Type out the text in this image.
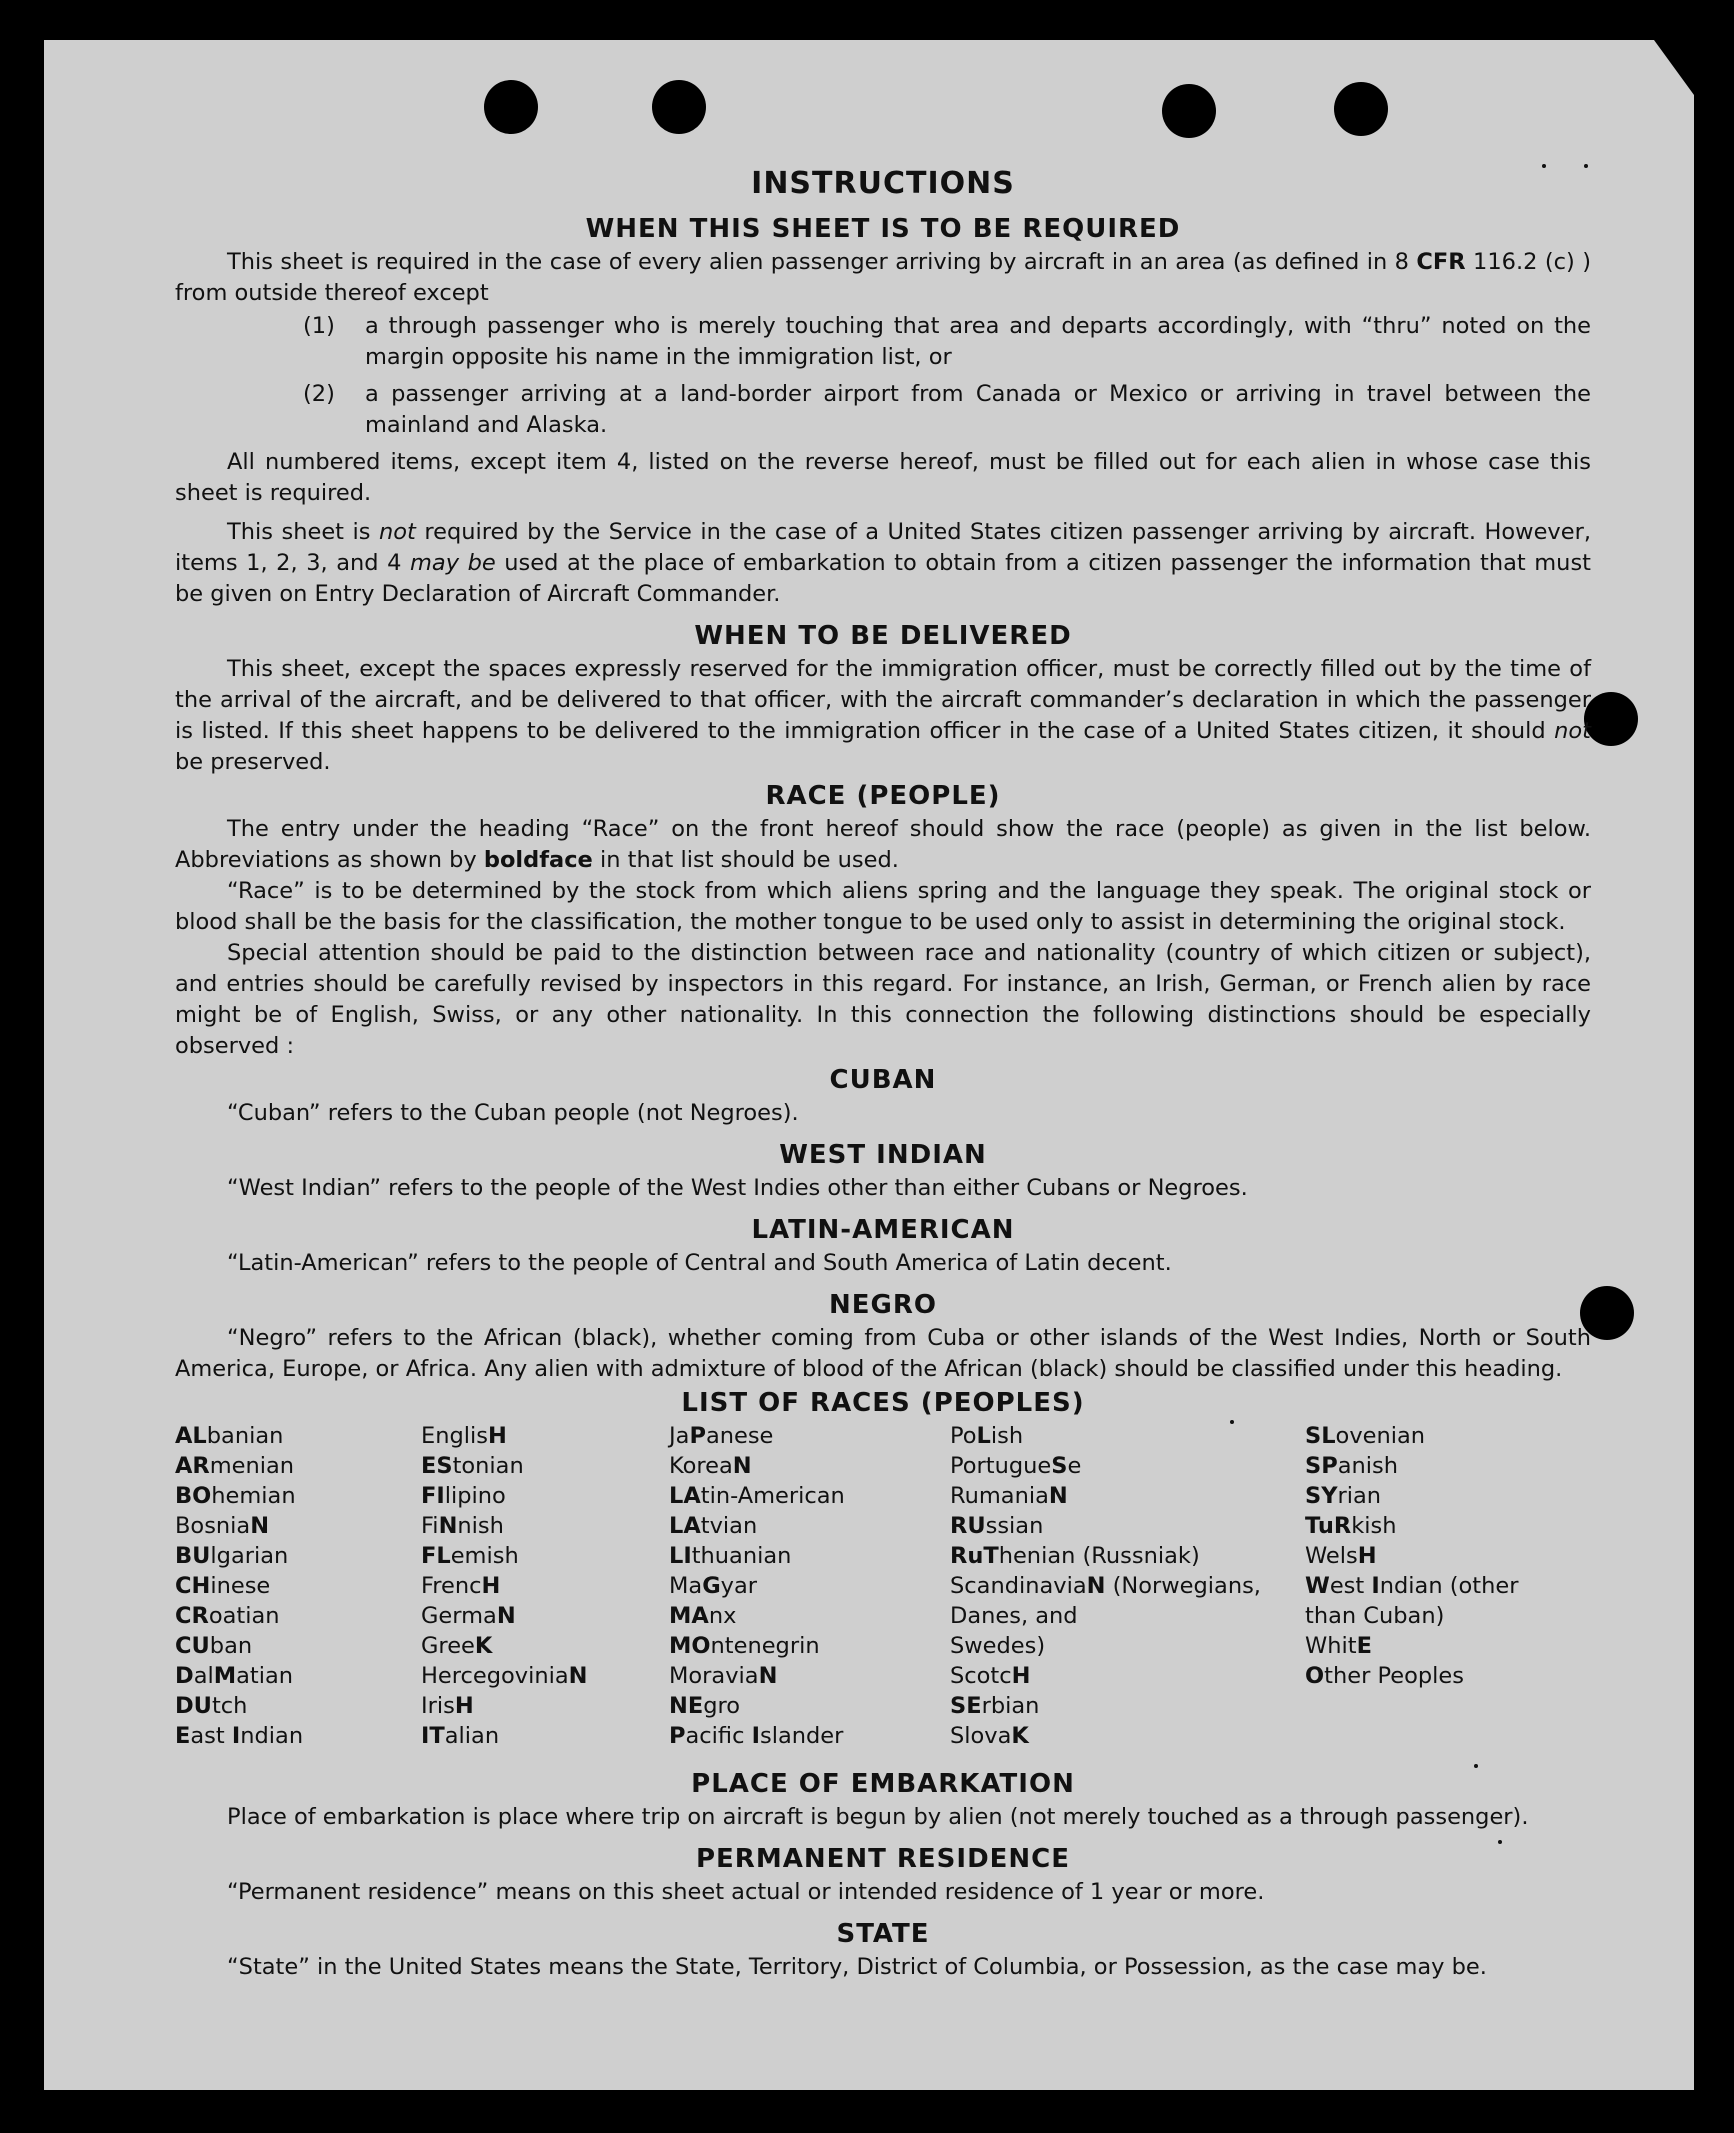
INSTRUCTIONS
WHEN THIS SHEET IS TO BE REQUIRED

This sheet is required in the case of every alien passenger arriving by aircraft in an area (as defined in 8 CFR 116.2 (c) ) from outside thereof except

(1)	a through passenger who is merely touching that area and departs accordingly, with “thru” noted on the margin opposite his name in the immigration list, or
(2)	a passenger arriving at a land-border airport from Canada or Mexico or arriving in travel between the mainland and Alaska.

All numbered items, except item 4, listed on the reverse hereof, must be filled out for each alien in whose case this sheet is required.

This sheet is not required by the Service in the case of a United States citizen passenger arriving by aircraft. However, items 1, 2, 3, and 4 may be used at the place of embarkation to obtain from a citizen passenger the information that must be given on Entry Declaration of Aircraft Commander.

WHEN TO BE DELIVERED

This sheet, except the spaces expressly reserved for the immigration officer, must be correctly filled out by the time of the arrival of the aircraft, and be delivered to that officer, with the aircraft commander’s declaration in which the passenger is listed. If this sheet happens to be delivered to the immigration officer in the case of a United States citizen, it should not be preserved.

RACE (PEOPLE)

The entry under the heading “Race” on the front hereof should show the race (people) as given in the list below. Abbreviations as shown by boldface in that list should be used.

“Race” is to be determined by the stock from which aliens spring and the language they speak. The original stock or blood shall be the basis for the classification, the mother tongue to be used only to assist in determining the original stock.

Special attention should be paid to the distinction between race and nationality (country of which citizen or subject), and entries should be carefully revised by inspectors in this regard. For instance, an Irish, German, or French alien by race might be of English, Swiss, or any other nationality. In this connection the following distinctions should be especially observed :

CUBAN

“Cuban” refers to the Cuban people (not Negroes).

WEST INDIAN

“West Indian” refers to the people of the West Indies other than either Cubans or Negroes.

LATIN-AMERICAN

“Latin-American” refers to the people of Central and South America of Latin decent.

NEGRO

“Negro” refers to the African (black), whether coming from Cuba or other islands of the West Indies, North or South America, Europe, or Africa. Any alien with admixture of blood of the African (black) should be classified under this heading.

LIST OF RACES (PEOPLES)
ALbanian
ARmenian
BOhemian
BosniaN
BUlgarian
CHinese
CRoatian
CUban
DalMatian
DUtch
East Indian
EnglisH
EStonian
FIlipino
FiNnish
FLemish
FrencH
GermaN
GreeK
HercegoviniaN
IrisH
ITalian
JaPanese
KoreaN
LAtin-American
LAtvian
LIthuanian
MaGyar
MAnx
MOntenegrin
MoraviaN
NEgro
Pacific Islander
PoLish
PortugueSe
RumaniaN
RUssian
RuThenian (Russniak)
ScandinaviaN (Norwegians,
Danes, and
Swedes)
ScotcH
SErbian
SlovaK
SLovenian
SPanish
SYrian
TuRkish
WelsH
West Indian (other
than Cuban)
WhitE
Other Peoples
PLACE OF EMBARKATION

Place of embarkation is place where trip on aircraft is begun by alien (not merely touched as a through passenger).

PERMANENT RESIDENCE

“Permanent residence” means on this sheet actual or intended residence of 1 year or more.

STATE

“State” in the United States means the State, Territory, District of Columbia, or Possession, as the case may be.
